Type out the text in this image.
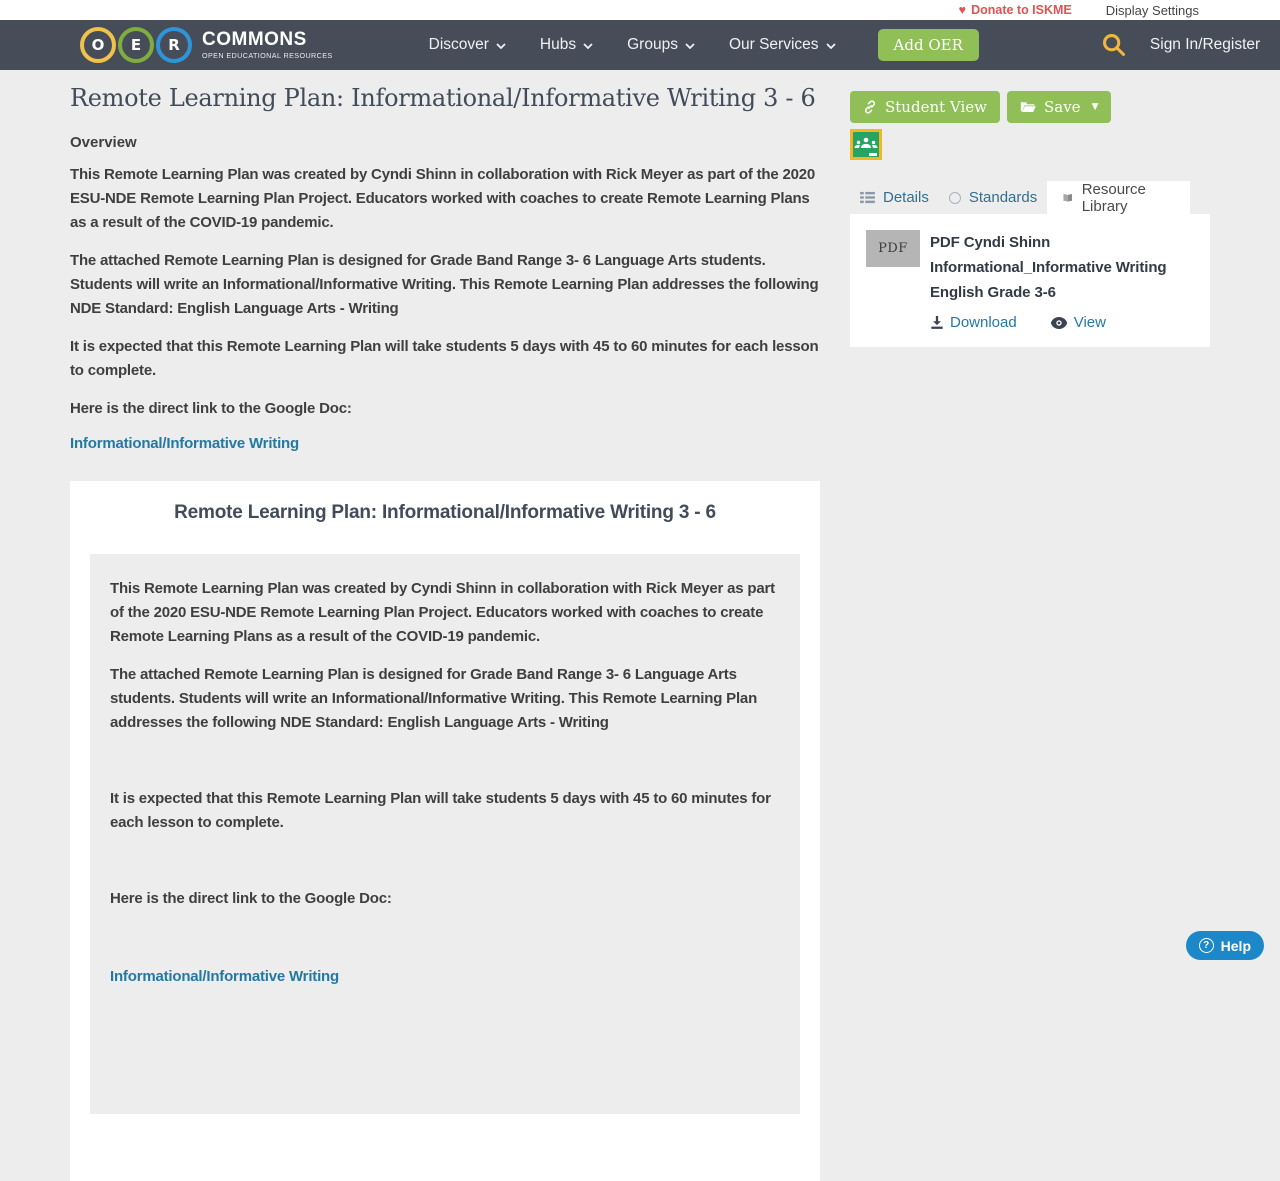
♥ Donate to ISKME	Display Settings
O	E	R	COMMONS
OPEN EDUCATIONAL RESOURCES
Discover	Hubs	Groups	Our Services	Add OER	Sign In/Register
Remote Learning Plan: Informational/Informative Writing 3 - 6
Overview

This Remote Learning Plan was created by Cyndi Shinn in collaboration with Rick Meyer as part of the 2020 ESU-NDE Remote Learning Plan Project. Educators worked with coaches to create Remote Learning Plans as a result of the COVID-19 pandemic.

The attached Remote Learning Plan is designed for Grade Band Range 3- 6 Language Arts students. Students will write an Informational/Informative Writing. This Remote Learning Plan addresses the following NDE Standard: English Language Arts - Writing

It is expected that this Remote Learning Plan will take students 5 days with 45 to 60 minutes for each lesson to complete.

Here is the direct link to the Google Doc:

Informational/Informative Writing
Remote Learning Plan: Informational/Informative Writing 3 - 6

This Remote Learning Plan was created by Cyndi Shinn in collaboration with Rick Meyer as part of the 2020 ESU-NDE Remote Learning Plan Project. Educators worked with coaches to create Remote Learning Plans as a result of the COVID-19 pandemic.

The attached Remote Learning Plan is designed for Grade Band Range 3- 6 Language Arts students. Students will write an Informational/Informative Writing. This Remote Learning Plan addresses the following NDE Standard: English Language Arts - Writing

It is expected that this Remote Learning Plan will take students 5 days with 45 to 60 minutes for each lesson to complete.

Here is the direct link to the Google Doc:

Informational/Informative Writing
Student View	Save ▼
Details	Standards	Resource Library
PDF	PDF Cyndi Shinn Informational_Informative Writing English Grade 3-6
Download	View
? Help
